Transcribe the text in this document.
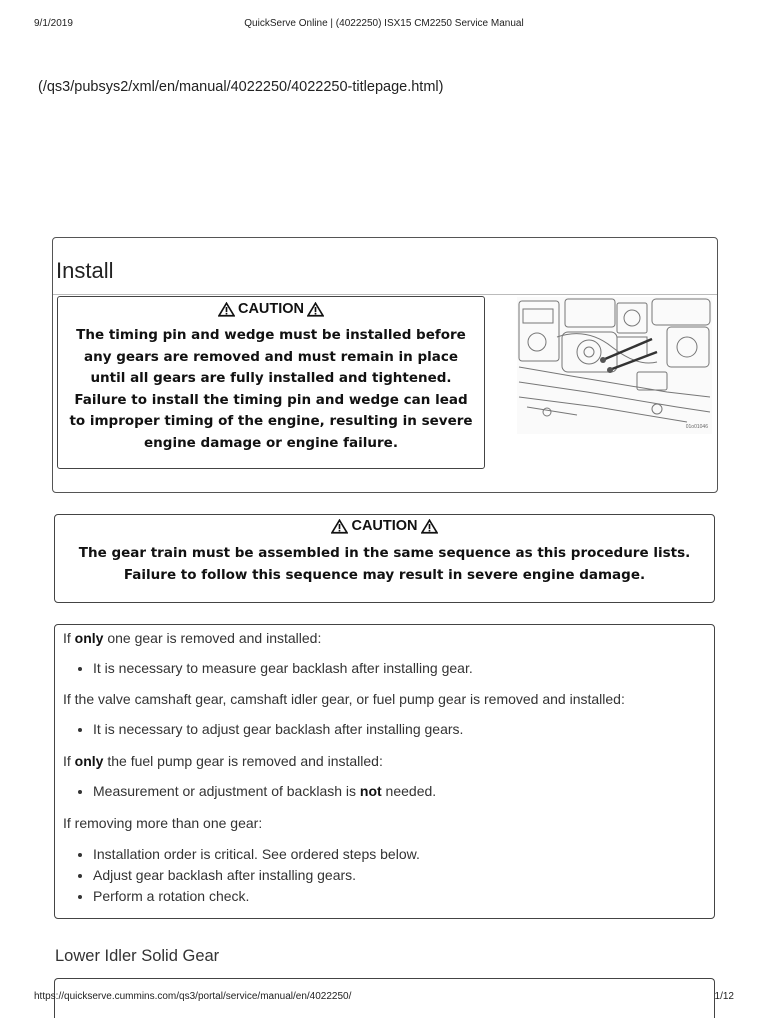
9/1/2019	QuickServe Online | (4022250) ISX15 CM2250 Service Manual
(/qs3/pubsys2/xml/en/manual/4022250/4022250-titlepage.html)
Install
CAUTION

The timing pin and wedge must be installed before any gears are removed and must remain in place until all gears are fully installed and tightened. Failure to install the timing pin and wedge can lead to improper timing of the engine, resulting in severe engine damage or engine failure.

01o01046
CAUTION

The gear train must be assembled in the same sequence as this procedure lists. Failure to follow this sequence may result in severe engine damage.

If only one gear is removed and installed:

• It is necessary to measure gear backlash after installing gear.

If the valve camshaft gear, camshaft idler gear, or fuel pump gear is removed and installed:

• It is necessary to adjust gear backlash after installing gears.

If only the fuel pump gear is removed and installed:

• Measurement or adjustment of backlash is not needed.

If removing more than one gear:

• Installation order is critical. See ordered steps below.
• Adjust gear backlash after installing gears.
• Perform a rotation check.
Lower Idler Solid Gear
https://quickserve.cummins.com/qs3/portal/service/manual/en/4022250/	1/12
